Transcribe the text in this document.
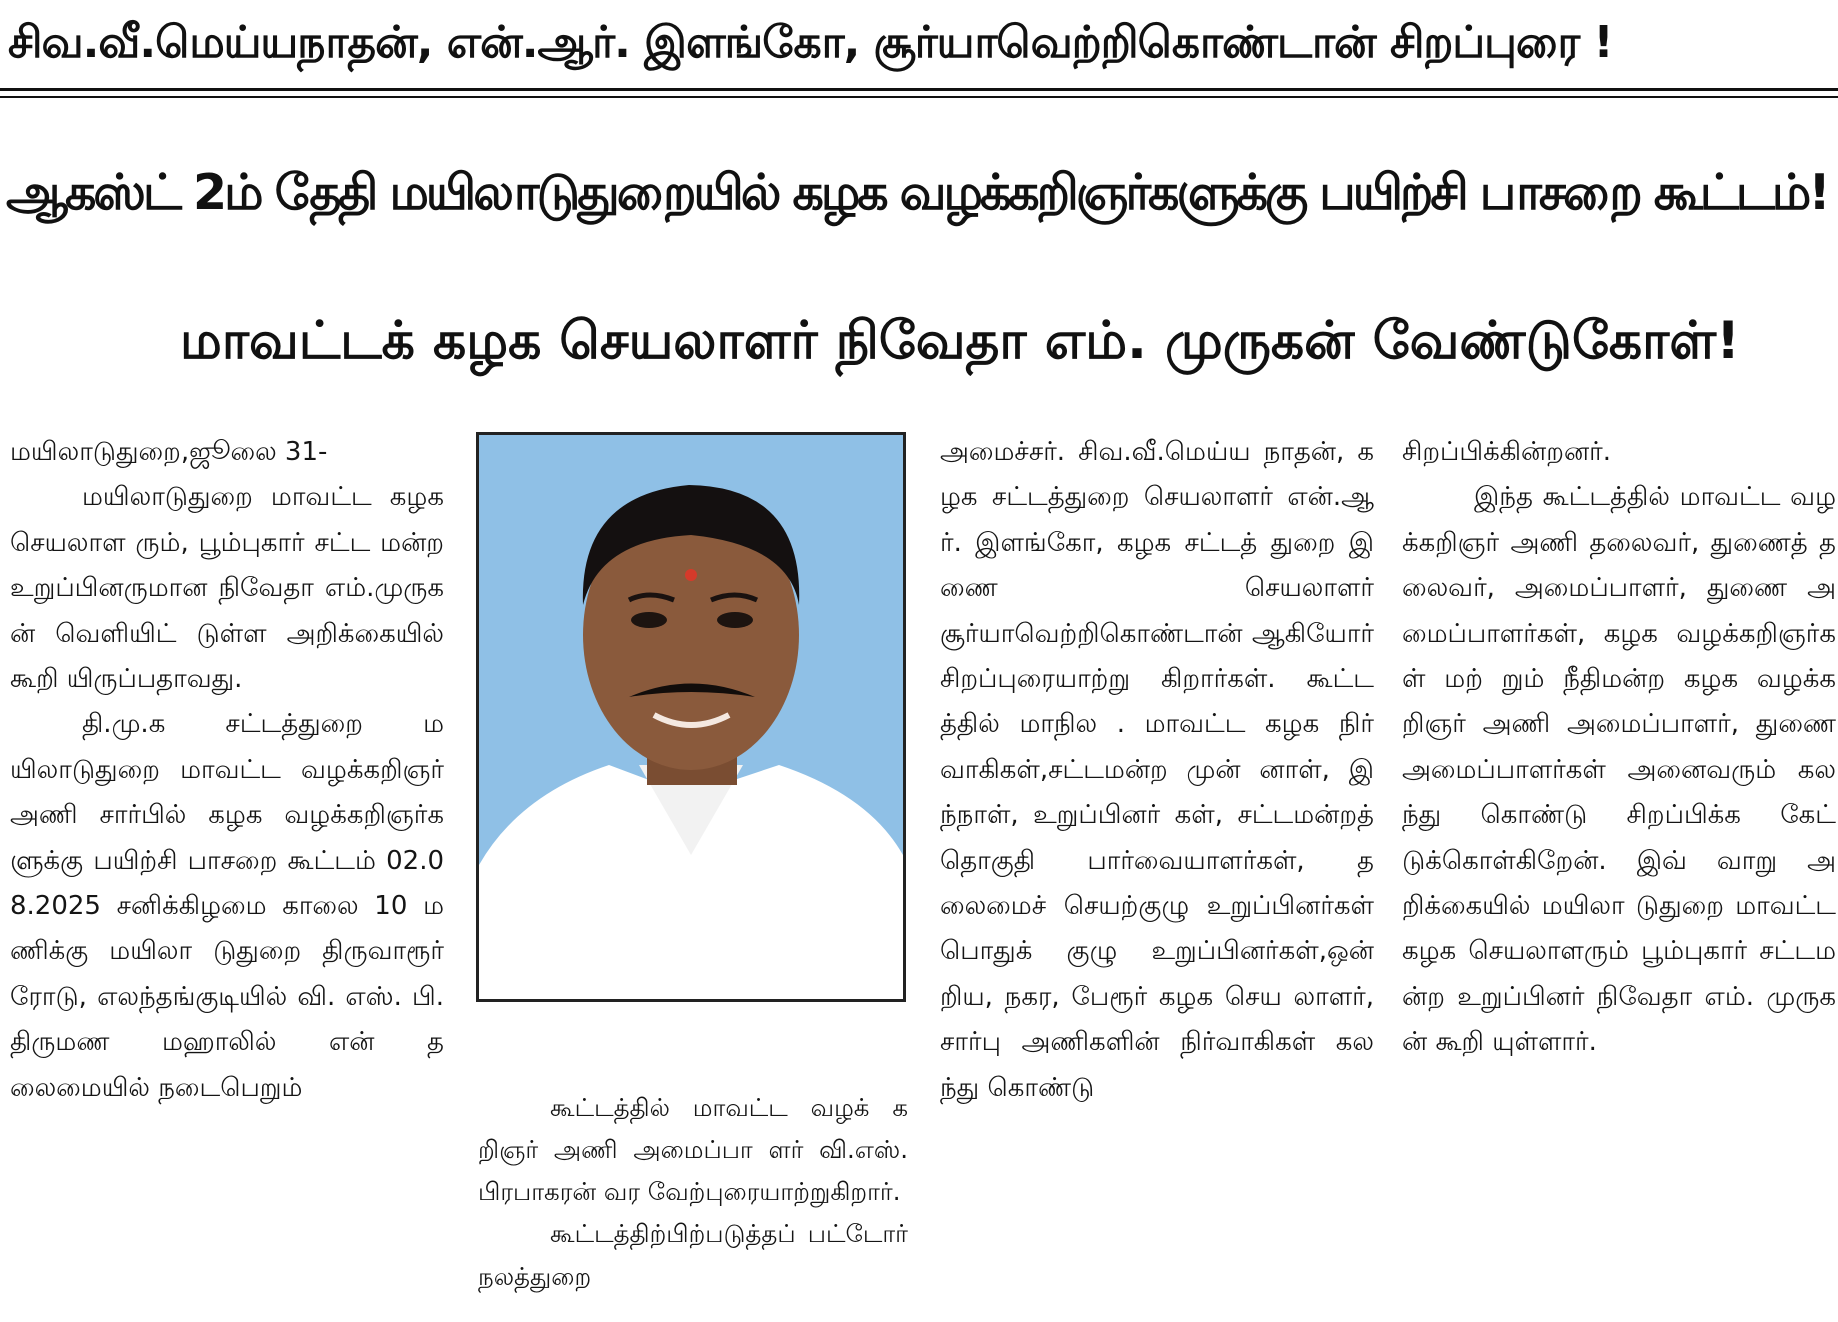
சிவ.வீ.மெய்யநாதன், என்.ஆர். இளங்கோ, சூர்யாவெற்றிகொண்டான் சிறப்புரை !
ஆகஸ்ட் 2ம் தேதி மயிலாடுதுறையில் கழக வழக்கறிஞர்களுக்கு பயிற்சி பாசறை கூட்டம்!
மாவட்டக் கழக செயலாளர் நிவேதா எம். முருகன் வேண்டுகோள்!

மயிலாடுதுறை,ஜூலை 31-

மயிலாடுதுறை மாவட்ட கழக செயலாள ரும், பூம்புகார் சட்ட மன்ற உறுப்பினருமான நிவேதா எம்.முருகன் வெளியிட் டுள்ள அறிக்கையில் கூறி யிருப்பதாவது.

தி.மு.க சட்டத்துறை மயிலாடுதுறை மாவட்ட வழக்கறிஞர் அணி சார்பில் கழக வழக்கறிஞர்களுக்கு பயிற்சி பாசறை கூட்டம் 02.08.2025 சனிக்கிழமை காலை 10 மணிக்கு மயிலா டுதுறை திருவாரூர் ரோடு, எலந்தங்குடியில் வி. எஸ். பி.திருமண மஹாலில் என் தலைமையில் நடைபெறும்

கூட்டத்தில் மாவட்ட வழக் கறிஞர் அணி அமைப்பா ளர் வி.எஸ்.பிரபாகரன் வர வேற்புரையாற்றுகிறார்.

கூட்டத்திற்பிற்படுத்தப் பட்டோர் நலத்துறை

அமைச்சர். சிவ.வீ.மெய்ய நாதன், கழக சட்டத்துறை செயலாளர் என்.ஆர். இளங்கோ, கழக சட்டத் துறை இணை செயலாளர் சூர்யாவெற்றிகொண்டான் ஆகியோர் சிறப்புரையாற்று கிறார்கள். கூட்டத்தில் மாநில . மாவட்ட கழக நிர் வாகிகள்,சட்டமன்ற முன் னாள், இந்நாள், உறுப்பினர் கள், சட்டமன்றத் தொகுதி பார்வையாளர்கள், தலைமைச் செயற்குழு உறுப்பினர்கள் பொதுக் குழு உறுப்பினர்கள்,ஒன் றிய, நகர, பேரூர் கழக செய லாளர், சார்பு அணிகளின் நிர்வாகிகள் கலந்து கொண்டு

சிறப்பிக்கின்றனர்.

இந்த கூட்டத்தில் மாவட்ட வழக்கறிஞர் அணி தலைவர், துணைத் தலைவர், அமைப்பாளர், துணை அமைப்பாளர்கள், கழக வழக்கறிஞர்கள் மற் றும் நீதிமன்ற கழக வழக்க றிஞர் அணி அமைப்பாளர், துணை அமைப்பாளர்கள் அனைவரும் கலந்து கொண்டு சிறப்பிக்க கேட் டுக்கொள்கிறேன். இவ் வாறு அறிக்கையில் மயிலா டுதுறை மாவட்ட கழக செயலாளரும் பூம்புகார் சட்டமன்ற உறுப்பினர் நிவேதா எம். முருகன் கூறி யுள்ளார்.
